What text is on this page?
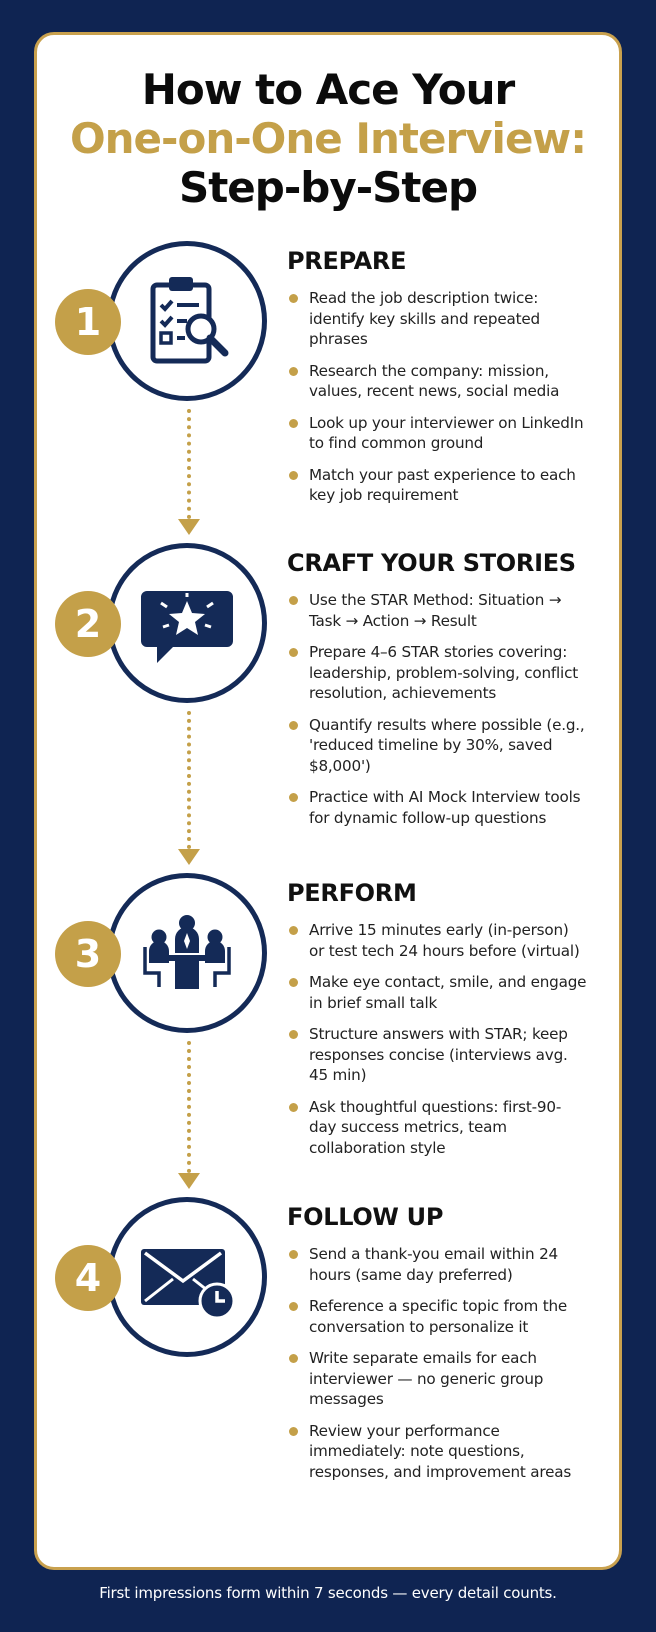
How to Ace Your
One-on-One Interview:
Step-by-Step
1
PREPARE
Read the job description twice: identify key skills and repeated phrases
Research the company: mission, values, recent news, social media
Look up your interviewer on LinkedIn to find common ground
Match your past experience to each key job requirement
2
CRAFT YOUR STORIES
Use the STAR Method: Situation → Task → Action → Result
Prepare 4–6 STAR stories covering: leadership, problem-solving, conflict resolution, achievements
Quantify results where possible (e.g., 'reduced timeline by 30%, saved $8,000')
Practice with AI Mock Interview tools for dynamic follow-up questions
3
PERFORM
Arrive 15 minutes early (in-person) or test tech 24 hours before (virtual)
Make eye contact, smile, and engage in brief small talk
Structure answers with STAR; keep responses concise (interviews avg. 45 min)
Ask thoughtful questions: first-90-day success metrics, team collaboration style
4
FOLLOW UP
Send a thank-you email within 24 hours (same day preferred)
Reference a specific topic from the conversation to personalize it
Write separate emails for each interviewer — no generic group messages
Review your performance immediately: note questions, responses, and improvement areas
First impressions form within 7 seconds — every detail counts.
